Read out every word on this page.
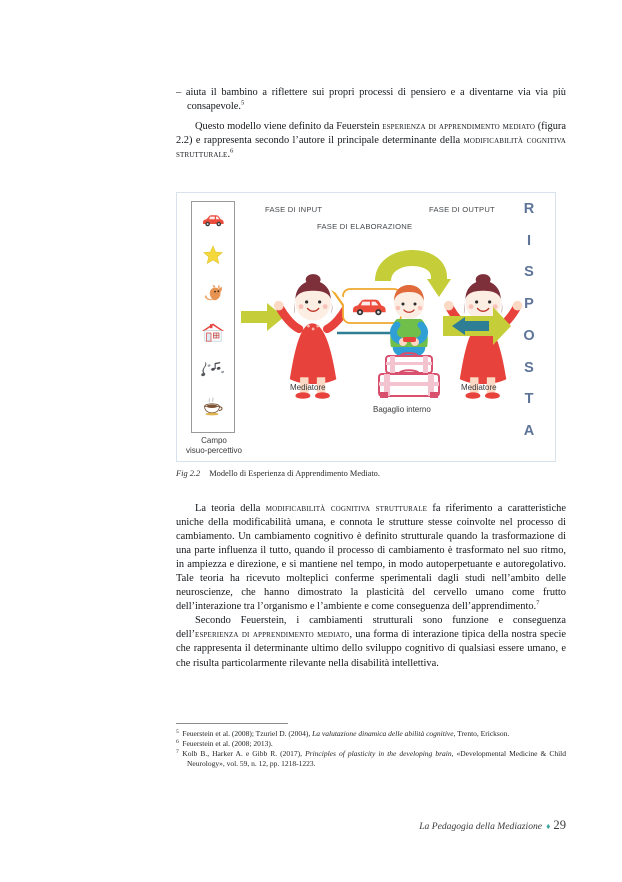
– aiuta il bambino a riflettere sui propri processi di pensiero e a diventarne via via più consapevole.$^5$

Questo modello viene definito da Feuerstein esperienza di apprendimento mediato (figura 2.2) e rappresenta secondo l’autore il principale determinante della modificabilità cognitiva strutturale.$^6$

Campo
visuo-percettivo
FASE DI INPUT
FASE DI ELABORAZIONE
FASE DI OUTPUT
Mediatore
Bagaglio interno
Mediatore
R
I
S
P
O
S
T
A
Fig 2.2 Modello di Esperienza di Apprendimento Mediato.

La teoria della modificabilità cognitiva strutturale fa riferimento a caratteristiche uniche della modificabilità umana, e connota le strutture stesse coinvolte nel processo di cambiamento. Un cambiamento cognitivo è definito strutturale quando la trasformazione di una parte influenza il tutto, quando il processo di cambiamento è trasformato nel suo ritmo, in ampiezza e direzione, e si mantiene nel tempo, in modo autoperpetuante e autoregolativo. Tale teoria ha ricevuto molteplici conferme sperimentali dagli studi nell’ambito delle neuroscienze, che hanno dimostrato la plasticità del cervello umano come frutto dell’interazione tra l’organismo e l’ambiente e come conseguenza dell’apprendimento.$^7$

Secondo Feuerstein, i cambiamenti strutturali sono funzione e conseguenza dell’esperienza di apprendimento mediato, una forma di interazione tipica della nostra specie che rappresenta il determinante ultimo dello sviluppo cognitivo di qualsiasi essere umano, e che risulta particolarmente rilevante nella disabilità intellettiva.

$^5$ Feuerstein et al. (2008); Tzuriel D. (2004), La valutazione dinamica delle abilità cognitive, Trento, Erickson.

$^6$ Feuerstein et al. (2008; 2013).

$^7$ Kolb B., Harker A. e Gibb R. (2017), Principles of plasticity in the developing brain, «Developmental Medicine & Child Neurology», vol. 59, n. 12, pp. 1218-1223.

La Pedagogia della Mediazione ♦ 29
